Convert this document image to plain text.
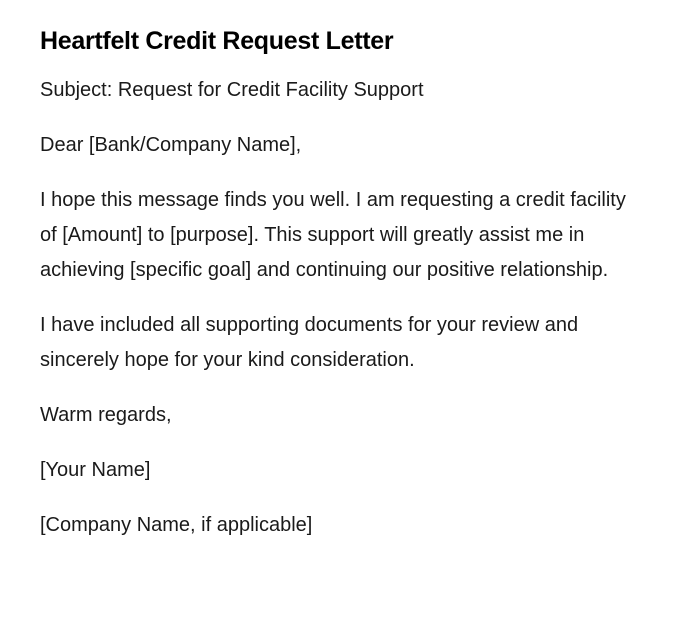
Heartfelt Credit Request Letter

Subject: Request for Credit Facility Support

Dear [Bank/Company Name],

I hope this message finds you well. I am requesting a credit facility of [Amount] to [purpose]. This support will greatly assist me in achieving [specific goal] and continuing our positive relationship.

I have included all supporting documents for your review and sincerely hope for your kind consideration.

Warm regards,

[Your Name]

[Company Name, if applicable]
